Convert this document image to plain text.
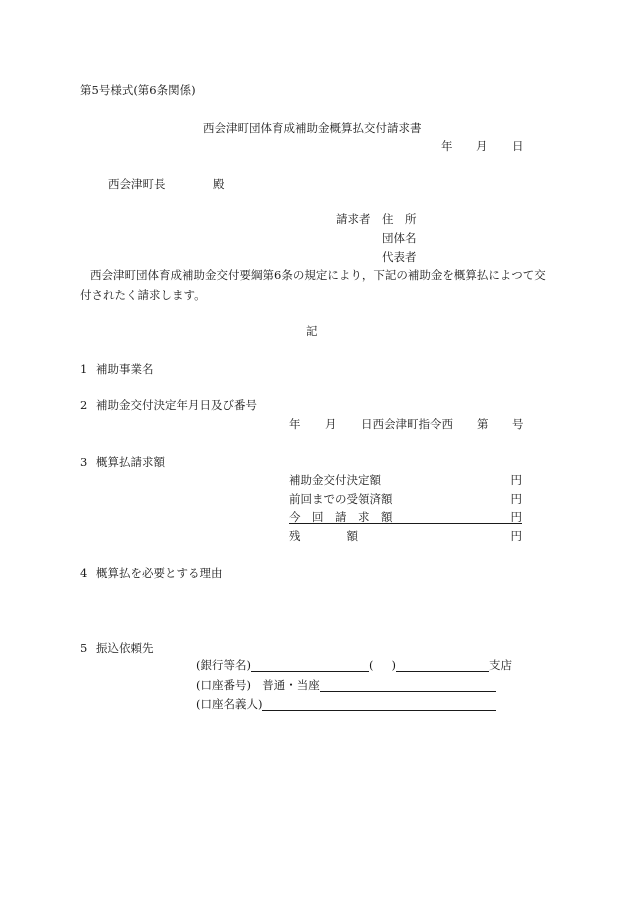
第5号様式(第6条関係)
西会津町団体育成補助金概算払交付請求書
年 月 日
西会津町長	殿
請求者 住　所
団体名
代表者
西会津町団体育成補助金交付要綱第6条の規定により，下記の補助金を概算払によつて交
付されたく請求します。
記
1 補助事業名
2 補助金交付決定年月日及び番号
年 月 日西会津町指令西 第 号
3 概算払請求額
補助金交付決定額	円
前回までの受領済額	円
今　回　請　求　額	円
残　　　　額	円
4 概算払を必要とする理由
5 振込依頼先
(銀行等名)	( )	支店
(口座番号) 普通・当座
(口座名義人)
